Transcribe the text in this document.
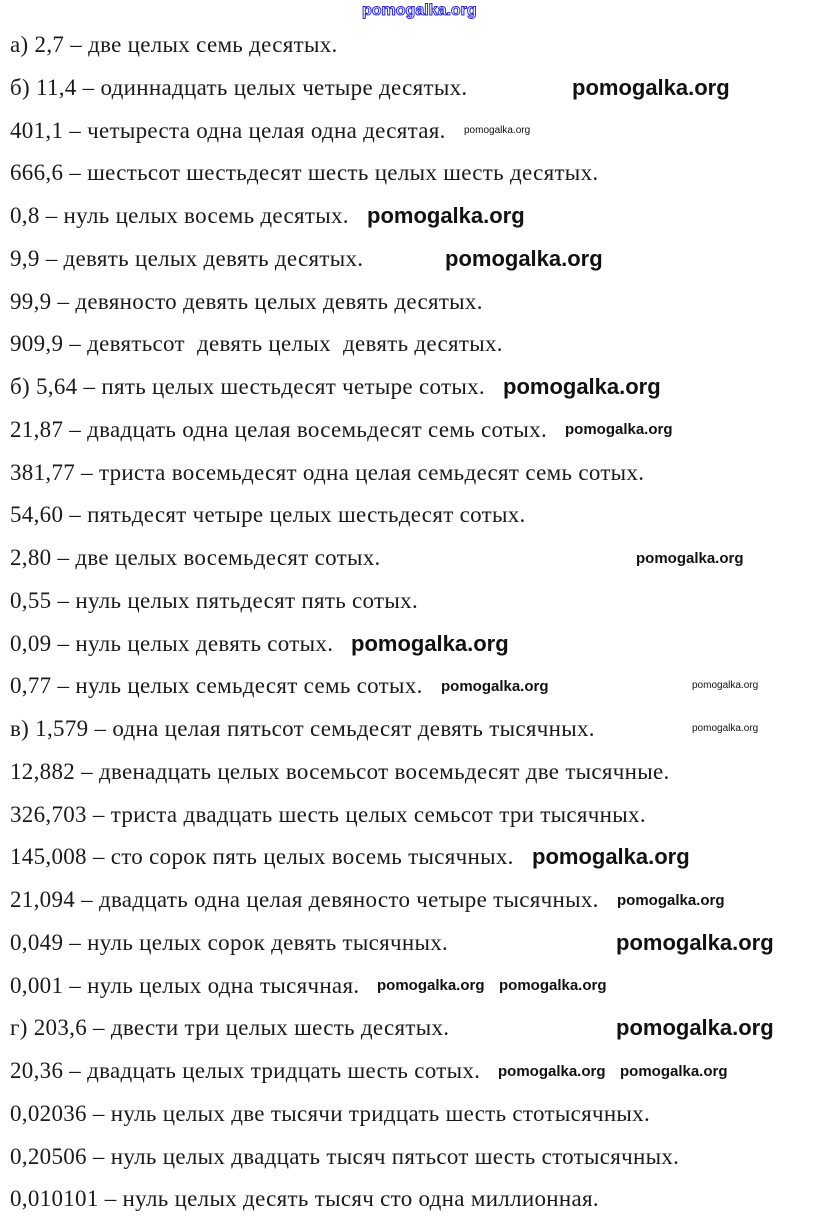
а) 2,7 – две целых семь десятых.
б) 11,4 – одиннадцать целых четыре десятых.
401,1 – четыреста одна целая одна десятая.
666,6 – шестьсот шестьдесят шесть целых шесть десятых.
0,8 – нуль целых восемь десятых.
9,9 – девять целых девять десятых.
99,9 – девяносто девять целых девять десятых.
909,9 – девятьсот  девять целых  девять десятых.
б) 5,64 – пять целых шестьдесят четыре сотых.
21,87 – двадцать одна целая восемьдесят семь сотых.
381,77 – триста восемьдесят одна целая семьдесят семь сотых.
54,60 – пятьдесят четыре целых шестьдесят сотых.
2,80 – две целых восемьдесят сотых.
0,55 – нуль целых пятьдесят пять сотых.
0,09 – нуль целых девять сотых.
0,77 – нуль целых семьдесят семь сотых.
в) 1,579 – одна целая пятьсот семьдесят девять тысячных.
12,882 – двенадцать целых восемьсот восемьдесят две тысячные.
326,703 – триста двадцать шесть целых семьсот три тысячных.
145,008 – сто сорок пять целых восемь тысячных.
21,094 – двадцать одна целая девяносто четыре тысячных.
0,049 – нуль целых сорок девять тысячных.
0,001 – нуль целых одна тысячная.
г) 203,6 – двести три целых шесть десятых.
20,36 – двадцать целых тридцать шесть сотых.
0,02036 – нуль целых две тысячи тридцать шесть стотысячных.
0,20506 – нуль целых двадцать тысяч пятьсот шесть стотысячных.
0,010101 – нуль целых десять тысяч сто одна миллионная.
pomogalka.org
pomogalka.org
pomogalka.org
pomogalka.org
pomogalka.org
pomogalka.org
pomogalka.org
pomogalka.org
pomogalka.org
pomogalka.org	pomogalka.org
pomogalka.org
pomogalka.org
pomogalka.org
pomogalka.org
pomogalka.org pomogalka.org
pomogalka.org pomogalka.org
pomogalka.org
